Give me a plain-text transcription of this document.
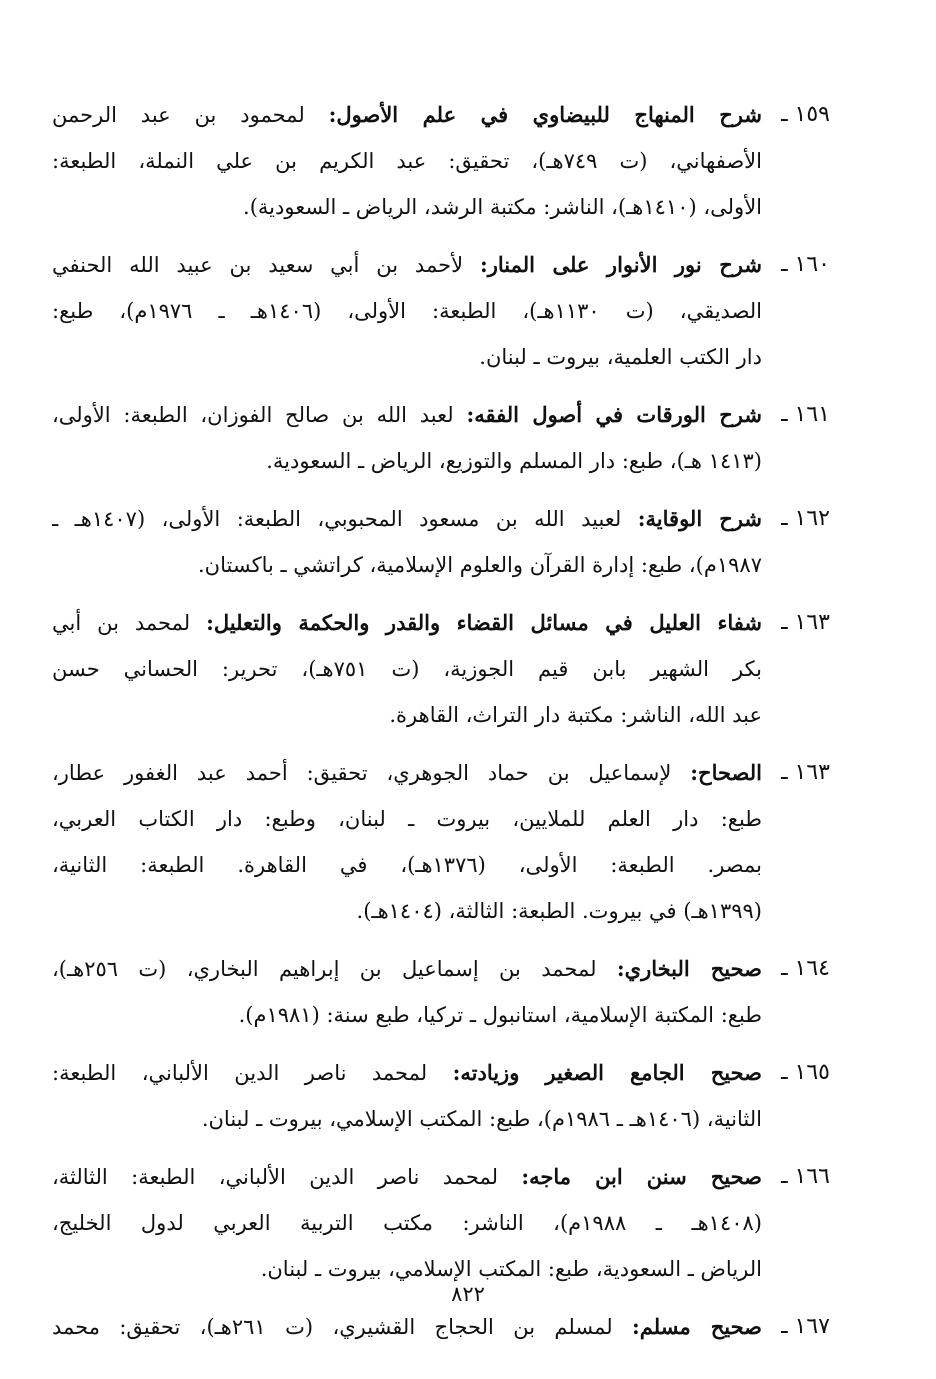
١٥٩ ـ
شرح المنهاج للبيضاوي في علم الأصول: لمحمود بن عبد الرحمن
الأصفهاني، (ت ٧٤٩هـ)، تحقيق: عبد الكريم بن علي النملة، الطبعة:
الأولى، (١٤١٠هـ)، الناشر: مكتبة الرشد، الرياض ـ السعودية).
١٦٠ ـ
شرح نور الأنوار على المنار: لأحمد بن أبي سعيد بن عبيد الله الحنفي
الصديقي، (ت ١١٣٠هـ)، الطبعة: الأولى، (١٤٠٦هـ ـ ١٩٧٦م)، طبع:
دار الكتب العلمية، بيروت ـ لبنان.
١٦١ ـ
شرح الورقات في أصول الفقه: لعبد الله بن صالح الفوزان، الطبعة: الأولى،
(١٤١٣ هـ)، طبع: دار المسلم والتوزيع، الرياض ـ السعودية.
١٦٢ ـ
شرح الوقاية: لعبيد الله بن مسعود المحبوبي، الطبعة: الأولى، (١٤٠٧هـ ـ
١٩٨٧م)، طبع: إدارة القرآن والعلوم الإسلامية، كراتشي ـ باكستان.
١٦٣ ـ
شفاء العليل في مسائل القضاء والقدر والحكمة والتعليل: لمحمد بن أبي
بكر الشهير بابن قيم الجوزية، (ت ٧٥١هـ)، تحرير: الحساني حسن
عبد الله، الناشر: مكتبة دار التراث، القاهرة.
١٦٣ ـ
الصحاح: لإسماعيل بن حماد الجوهري، تحقيق: أحمد عبد الغفور عطار،
طبع: دار العلم للملايين، بيروت ـ لبنان، وطبع: دار الكتاب العربي،
بمصر. الطبعة: الأولى، (١٣٧٦هـ)، في القاهرة. الطبعة: الثانية،
(١٣٩٩هـ) في بيروت. الطبعة: الثالثة، (١٤٠٤هـ).
١٦٤ ـ
صحيح البخاري: لمحمد بن إسماعيل بن إبراهيم البخاري، (ت ٢٥٦هـ)،
طبع: المكتبة الإسلامية، استانبول ـ تركيا، طبع سنة: (١٩٨١م).
١٦٥ ـ
صحيح الجامع الصغير وزيادته: لمحمد ناصر الدين الألباني، الطبعة:
الثانية، (١٤٠٦هـ ـ ١٩٨٦م)، طبع: المكتب الإسلامي، بيروت ـ لبنان.
١٦٦ ـ
صحيح سنن ابن ماجه: لمحمد ناصر الدين الألباني، الطبعة: الثالثة،
(١٤٠٨هـ ـ ١٩٨٨م)، الناشر: مكتب التربية العربي لدول الخليج،
الرياض ـ السعودية، طبع: المكتب الإسلامي، بيروت ـ لبنان.
١٦٧ ـ
صحيح مسلم: لمسلم بن الحجاج القشيري، (ت ٢٦١هـ)، تحقيق: محمد
٨٢٢
